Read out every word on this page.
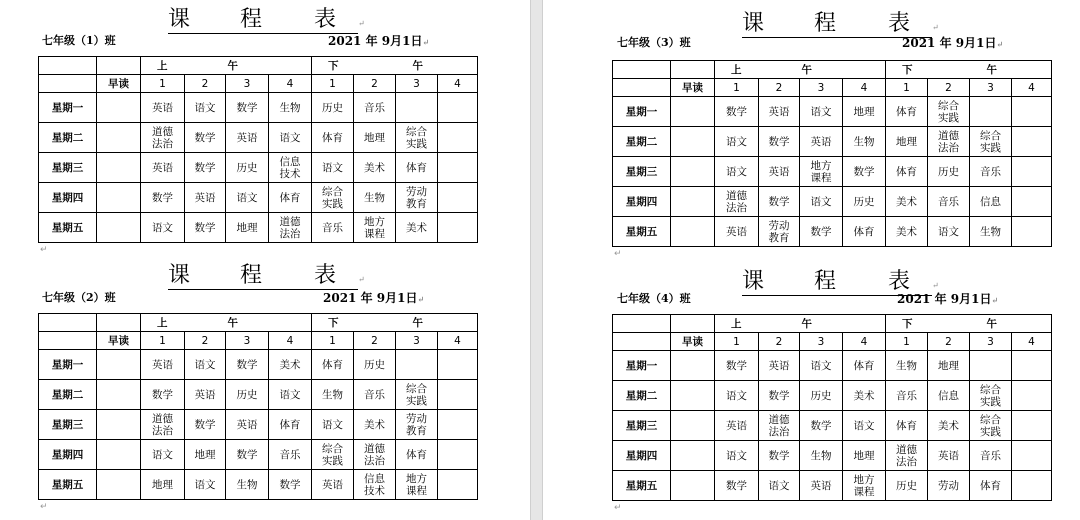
课 程 表	↵
七年级（1）班	2021 年 9月1日↵
		上 午				下 午			
	早读	1	2	3	4	1	2	3	4
星期一		英语	语文	数学	生物	历史	音乐		
星期二		道德
法治	数学	英语	语文	体育	地理	综合
实践	
星期三		英语	数学	历史	信息
技术	语文	美术	体育	
星期四		数学	英语	语文	体育	综合
实践	生物	劳动
教育	
星期五		语文	数学	地理	道德
法治	音乐	地方
课程	美术	
↵
课 程 表	↵
七年级（2）班	2021 年 9月1日↵
		上 午				下 午			
	早读	1	2	3	4	1	2	3	4
星期一		英语	语文	数学	美术	体育	历史		
星期二		数学	英语	历史	语文	生物	音乐	综合
实践	
星期三		道德
法治	数学	英语	体育	语文	美术	劳动
教育	
星期四		语文	地理	数学	音乐	综合
实践	道德
法治	体育	
星期五		地理	语文	生物	数学	英语	信息
技术	地方
课程	
↵
课 程 表	↵
七年级（3）班	2021 年 9月1日↵
		上 午				下 午			
	早读	1	2	3	4	1	2	3	4
星期一		数学	英语	语文	地理	体育	综合
实践		
星期二		语文	数学	英语	生物	地理	道德
法治	综合
实践	
星期三		语文	英语	地方
课程	数学	体育	历史	音乐	
星期四		道德
法治	数学	语文	历史	美术	音乐	信息	
星期五		英语	劳动
教育	数学	体育	美术	语文	生物	
↵
课 程 表	↵
七年级（4）班	2021 年 9月1日↵
		上 午				下 午			
	早读	1	2	3	4	1	2	3	4
星期一		数学	英语	语文	体育	生物	地理		
星期二		语文	数学	历史	美术	音乐	信息	综合
实践	
星期三		英语	道德
法治	数学	语文	体育	美术	综合
实践	
星期四		语文	数学	生物	地理	道德
法治	英语	音乐	
星期五		数学	语文	英语	地方
课程	历史	劳动	体育	
↵
